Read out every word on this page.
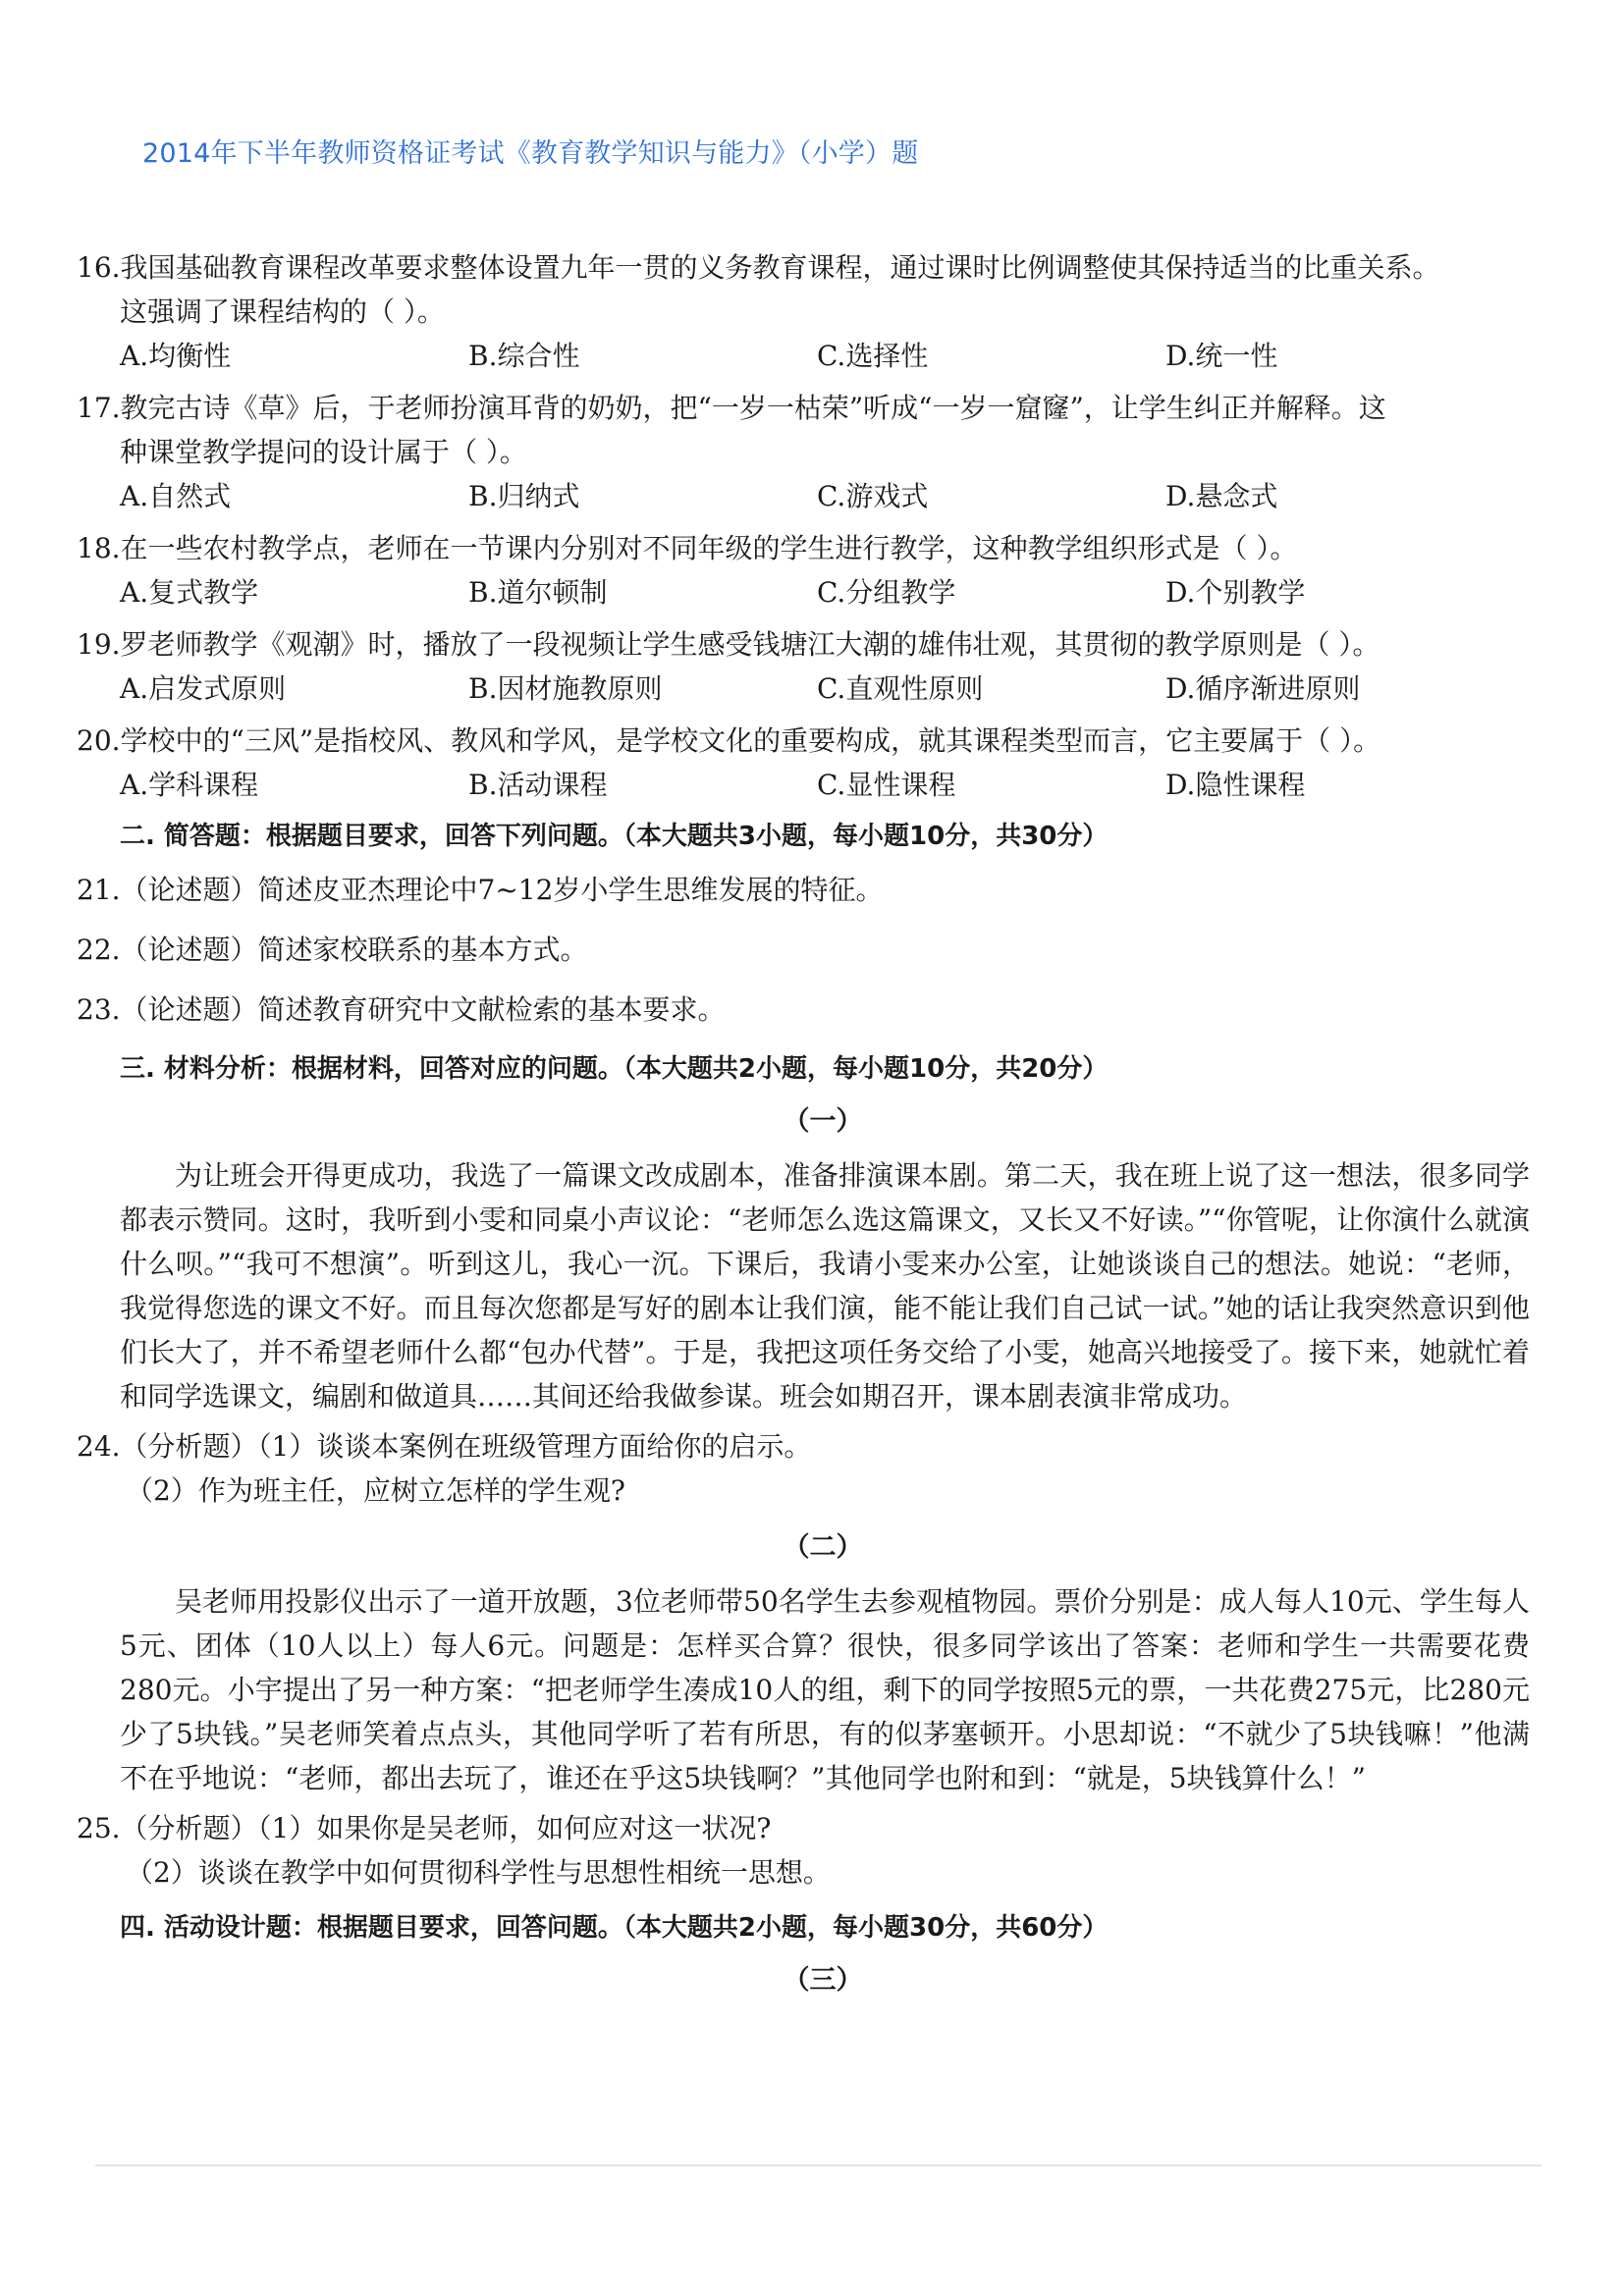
2014年下半年教师资格证考试《教育教学知识与能力》（小学）题
16.我国基础教育课程改革要求整体设置九年一贯的义务教育课程，通过课时比例调整使其保持适当的比重关系。
这强调了课程结构的（ ）。
A.均衡性	B.综合性	C.选择性	D.统一性
17.教完古诗《草》后，于老师扮演耳背的奶奶，把“一岁一枯荣”听成“一岁一窟窿”，让学生纠正并解释。这
种课堂教学提问的设计属于（ ）。
A.自然式	B.归纳式	C.游戏式	D.悬念式
18.在一些农村教学点，老师在一节课内分别对不同年级的学生进行教学，这种教学组织形式是（ ）。
A.复式教学	B.道尔顿制	C.分组教学	D.个别教学
19.罗老师教学《观潮》时，播放了一段视频让学生感受钱塘江大潮的雄伟壮观，其贯彻的教学原则是（ ）。
A.启发式原则	B.因材施教原则	C.直观性原则	D.循序渐进原则
20.学校中的“三风”是指校风、教风和学风，是学校文化的重要构成，就其课程类型而言，它主要属于（ ）。
A.学科课程	B.活动课程	C.显性课程	D.隐性课程
二. 简答题：根据题目要求，回答下列问题。（本大题共3小题，每小题10分，共30分）
21.（论述题）简述皮亚杰理论中7~12岁小学生思维发展的特征。
22.（论述题）简述家校联系的基本方式。
23.（论述题）简述教育研究中文献检索的基本要求。
三. 材料分析：根据材料，回答对应的问题。（本大题共2小题，每小题10分，共20分）
（一）
为让班会开得更成功，我选了一篇课文改成剧本，准备排演课本剧。第二天，我在班上说了这一想法，很多同学都表示赞同。这时，我听到小雯和同桌小声议论：“老师怎么选这篇课文，又长又不好读。”“你管呢，让你演什么就演什么呗。”“我可不想演”。听到这儿，我心一沉。下课后，我请小雯来办公室，让她谈谈自己的想法。她说：“老师，我觉得您选的课文不好。而且每次您都是写好的剧本让我们演，能不能让我们自己试一试。”她的话让我突然意识到他们长大了，并不希望老师什么都“包办代替”。于是，我把这项任务交给了小雯，她高兴地接受了。接下来，她就忙着和同学选课文，编剧和做道具……其间还给我做参谋。班会如期召开，课本剧表演非常成功。
24.（分析题）（1）谈谈本案例在班级管理方面给你的启示。
（2）作为班主任，应树立怎样的学生观?
（二）
吴老师用投影仪出示了一道开放题，3位老师带50名学生去参观植物园。票价分别是：成人每人10元、学生每人5元、团体（10人以上）每人6元。问题是：怎样买合算？很快，很多同学该出了答案：老师和学生一共需要花费280元。小宇提出了另一种方案：“把老师学生凑成10人的组，剩下的同学按照5元的票，一共花费275元，比280元少了5块钱。”吴老师笑着点点头，其他同学听了若有所思，有的似茅塞顿开。小思却说：“不就少了5块钱嘛！”他满不在乎地说：“老师，都出去玩了，谁还在乎这5块钱啊？”其他同学也附和到：“就是，5块钱算什么！”
25.（分析题）（1）如果你是吴老师，如何应对这一状况?
（2）谈谈在教学中如何贯彻科学性与思想性相统一思想。
四. 活动设计题：根据题目要求，回答问题。（本大题共2小题，每小题30分，共60分）
（三）
